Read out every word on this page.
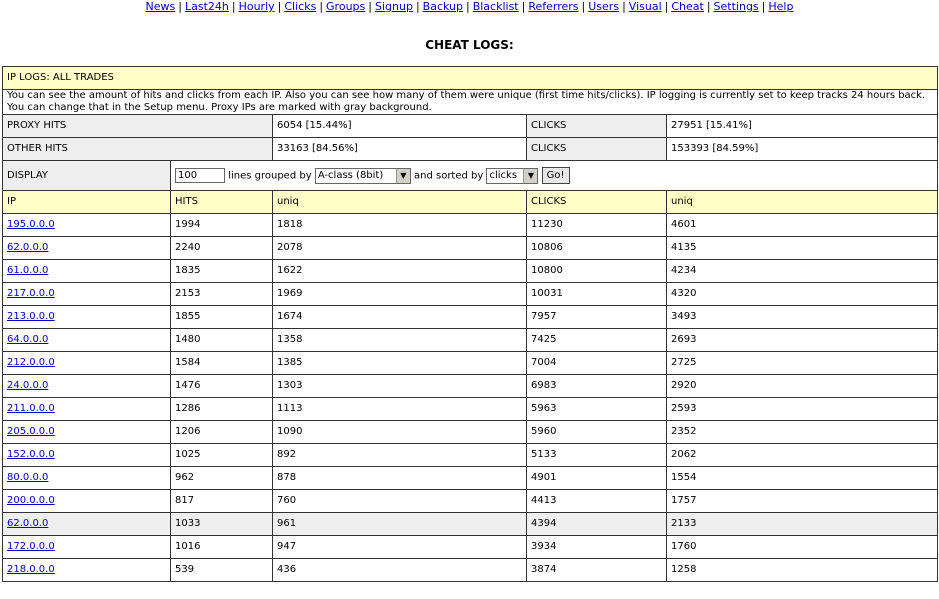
News | Last24h | Hourly | Clicks | Groups | Signup | Backup | Blacklist | Referrers | Users | Visual | Cheat | Settings | Help
CHEAT LOGS:
IP LOGS: ALL TRADES				
You can see the amount of hits and clicks from each IP. Also you can see how many of them were unique (first time hits/clicks). IP logging is currently set to keep tracks 24 hours back. You can change that in the Setup menu. Proxy IPs are marked with gray background.				
PROXY HITS		6054 [15.44%]	CLICKS	27951 [15.41%]
OTHER HITS		33163 [84.56%]	CLICKS	153393 [84.59%]
DISPLAY	100lines grouped by A-class (8bit) ▼ and sorted by clicks ▼ Go!
IP	HITS	uniq	CLICKS	uniq
195.0.0.0	1994	1818	11230	4601
62.0.0.0	2240	2078	10806	4135
61.0.0.0	1835	1622	10800	4234
217.0.0.0	2153	1969	10031	4320
213.0.0.0	1855	1674	7957	3493
64.0.0.0	1480	1358	7425	2693
212.0.0.0	1584	1385	7004	2725
24.0.0.0	1476	1303	6983	2920
211.0.0.0	1286	1113	5963	2593
205.0.0.0	1206	1090	5960	2352
152.0.0.0	1025	892	5133	2062
80.0.0.0	962	878	4901	1554
200.0.0.0	817	760	4413	1757
62.0.0.0	1033	961	4394	2133
172.0.0.0	1016	947	3934	1760
218.0.0.0	539	436	3874	1258
